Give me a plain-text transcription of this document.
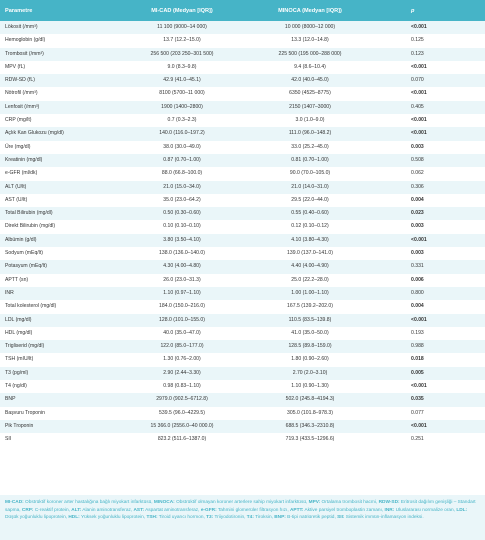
Parametre	MI-CAD (Medyan [IQR])	MINOCA (Medyan [IQR])	p
Lökosit (/mm³)	11 100 (9000–14 000)	10 000 (8000–12 000)	<0.001
Hemoglobin (g/dl)	13.7 (12.2–15.0)	13.3 (12.0–14.8)	0.125
Trombosit (/mm³)	256 500 (203 250–301 500)	225 500 (195 000–288 000)	0.123
MPV (fL)	9.0 (8.3–9.8)	9.4 (8.6–10.4)	<0.001
RDW-SD (fL)	42.9 (41.0–45.1)	42.0 (40.0–45.0)	0.070
Nötrofil (/mm³)	8100 (5700–11 000)	6350 (4525–8775)	<0.001
Lenfosit (/mm³)	1900 (1400–2800)	2150 (1407–3000)	0.405
CRP (mg/lt)	0.7 (0.3–2.3)	3.0 (1.0–9.0)	<0.001
Açlık Kan Glukozu (mg/dl)	140.0 (116.0–197.2)	111.0 (96.0–148.2)	<0.001
Üre (mg/dl)	38.0 (30.0–49.0)	33.0 (25.2–45.0)	0.003
Kreatinin (mg/dl)	0.87 (0.70–1.00)	0.81 (0.70–1.00)	0.508
e-GFR (ml/dk)	88.0 (66.8–100.0)	90.0 (70.0–105.0)	0.062
ALT (U/lt)	21.0 (15.0–34.0)	21.0 (14.0–31.0)	0.306
AST (U/lt)	35.0 (23.0–64.2)	29.5 (22.0–44.0)	0.004
Total Bilirubin (mg/dl)	0.50 (0.30–0.60)	0.55 (0.40–0.60)	0.023
Direkt Bilirubin (mg/dl)	0.10 (0.10–0.10)	0.12 (0.10–0.12)	0.003
Albümin (g/dl)	3.80 (3.50–4.10)	4.10 (3.80–4.30)	<0.001
Sodyum (mEq/lt)	138.0 (136.0–140.0)	139.0 (137.0–141.0)	0.003
Potasyum (mEq/lt)	4.30 (4.00–4.80)	4.40 (4.00–4.90)	0.331
APTT (sn)	26.0 (23.0–31.3)	25.0 (22.2–28.0)	0.006
INR	1.10 (0.97–1.10)	1.00 (1.00–1.10)	0.800
Total kolesterol (mg/dl)	184.0 (150.0–216.0)	167.5 (139.2–202.0)	0.004
LDL (mg/dl)	128.0 (101.0–155.0)	110.5 (83.5–139.8)	<0.001
HDL (mg/dl)	40.0 (35.0–47.0)	41.0 (35.0–50.0)	0.193
Trigliserid (mg/dl)	122.0 (85.0–177.0)	128.5 (89.8–159.0)	0.988
TSH (mIU/lt)	1.30 (0.76–2.00)	1.80 (0.90–2.60)	0.018
T3 (pg/ml)	2.90 (2.44–3.30)	2.70 (2.0–3.10)	0.005
T4 (ng/dl)	0.98 (0.83–1.10)	1.10 (0.90–1.30)	<0.001
BNP	2979.0 (902.5–6712.8)	502.0 (245.8–4194.3)	0.035
Başvuru Troponin	539.5 (96.0–4229.5)	305.0 (101.8–978.3)	0.077
Pik Troponin	15 366.0 (2556.0–40 000.0)	688.5 (346.3–2310.8)	<0.001
SII	823.2 (511.6–1387.0)	719.3 (433.5–1296.6)	0.251
MI-CAD: Obstrüktif koroner arter hastalığına bağlı miyokart infarktüsü, MINOCA: Obstrüktif olmayan koroner arterlere sahip miyokart infarktüsü, MPV: Ortalama trombosit hacmi, RDW-SD: Eritrosit dağılım genişliği – Standart sapma, CRP: C-reaktif protein, ALT: Alanin aminotransferaz, AST: Aspartat aminotransferaz, e-GFR: Tahmini glomerüler filtrasyon hızı, APTT: Aktive parsiyel tromboplastin zamanı, INR: Uluslararası normalize oran, LDL: Düşük yoğunluklu lipoprotein, HDL: Yüksek yoğunluklu lipoprotein, TSH: Tiroid uyarıcı hormon, T3: Triiyodotironin, T4: Tiroksin, BNP: B-tipi natriüretik peptid, SII: Sistemik immün-inflamasyon indeksi.
